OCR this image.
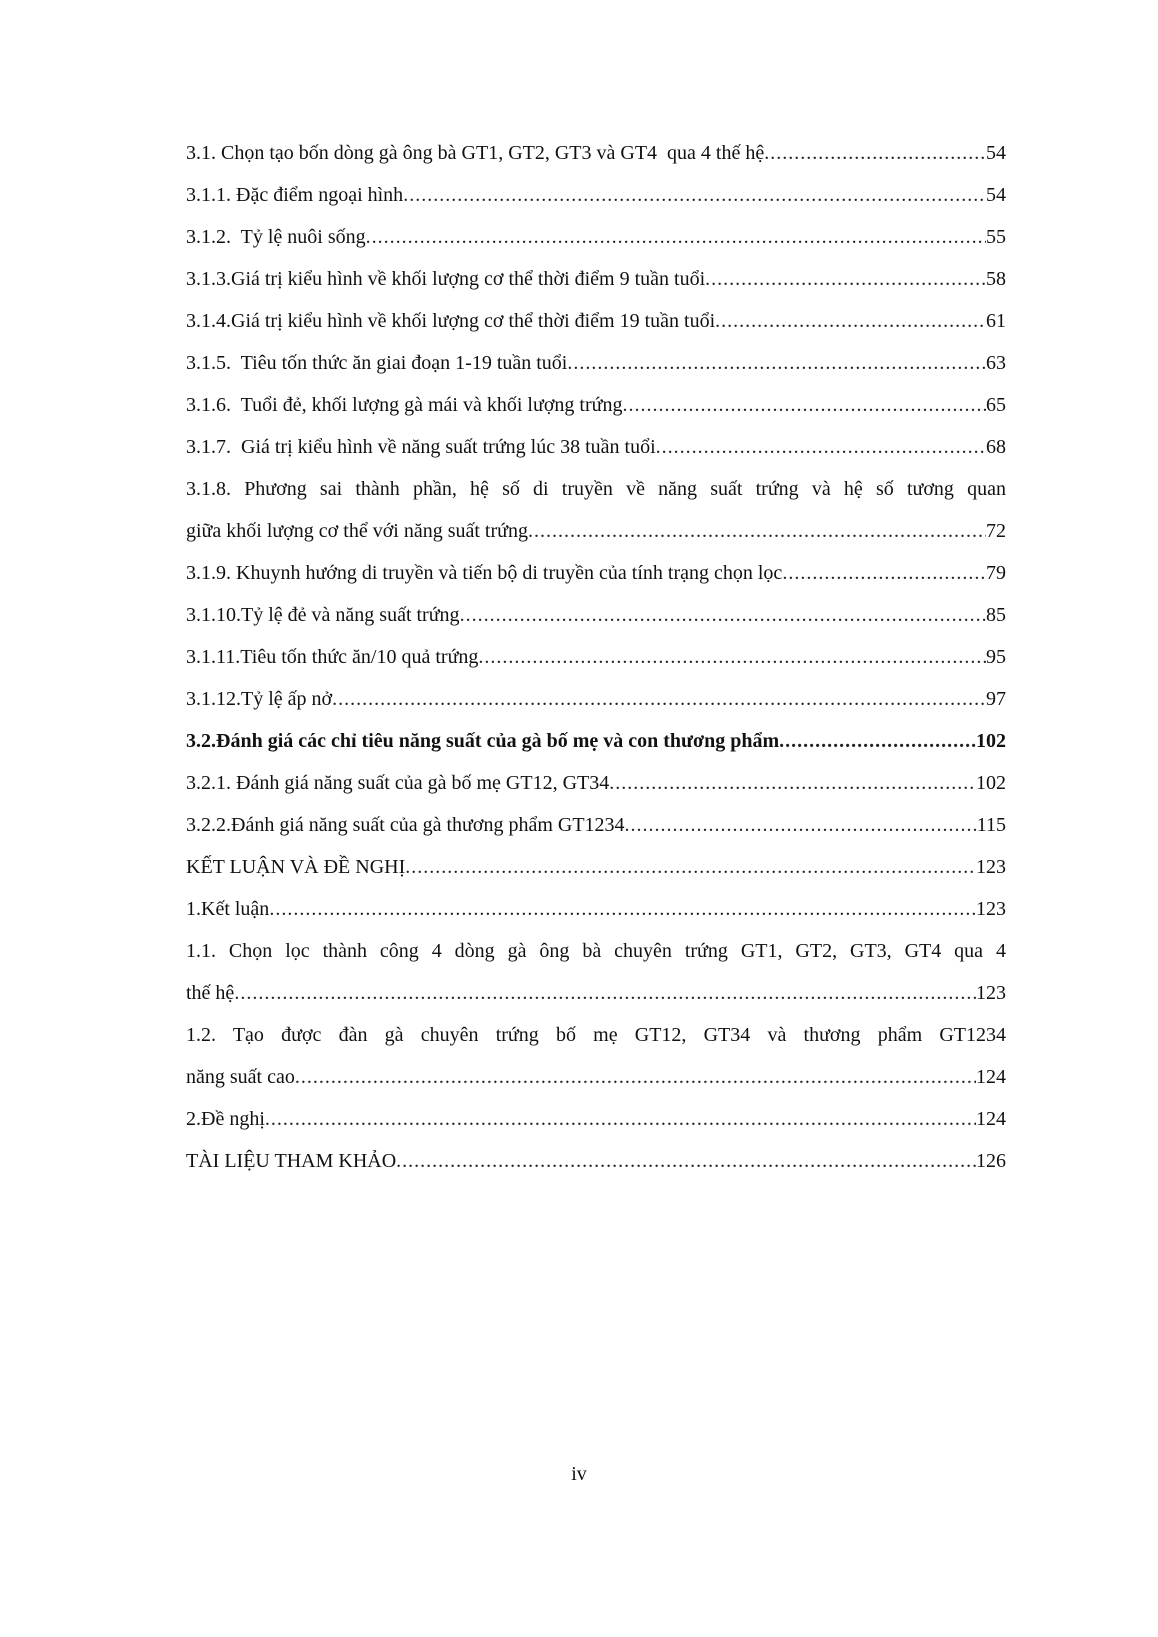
3.1. Chọn tạo bốn dòng gà ông bà GT1, GT2, GT3 và GT4  qua 4 thế hệ .....	54
3.1.1. Đặc điểm ngoại hình .....	54
3.1.2.  Tỷ lệ nuôi sống .....	55
3.1.3.Giá trị kiểu hình về khối lượng cơ thể thời điểm 9 tuần tuổi .....	58
3.1.4.Giá trị kiểu hình về khối lượng cơ thể thời điểm 19 tuần tuổi .....	61
3.1.5.  Tiêu tốn thức ăn giai đoạn 1-19 tuần tuổi .....	63
3.1.6.  Tuổi đẻ, khối lượng gà mái và khối lượng trứng .....	65
3.1.7.  Giá trị kiểu hình về năng suất trứng lúc 38 tuần tuổi .....	68
3.1.8. Phương sai thành phần, hệ số di truyền về năng suất trứng và hệ số tương quan
giữa khối lượng cơ thể với năng suất trứng .....	72
3.1.9. Khuynh hướng di truyền và tiến bộ di truyền của tính trạng chọn lọc .....	79
3.1.10.Tỷ lệ đẻ và năng suất trứng .....	85
3.1.11.Tiêu tốn thức ăn/10 quả trứng .....	95
3.1.12.Tỷ lệ ấp nở .....	97
3.2.Đánh giá các chỉ tiêu năng suất của gà bố mẹ và con thương phẩm .....	102
3.2.1. Đánh giá năng suất của gà bố mẹ GT12, GT34 .....	102
3.2.2.Đánh giá năng suất của gà thương phẩm GT1234 .....	115
KẾT LUẬN VÀ ĐỀ NGHỊ .....	123
1.Kết luận .....	123
1.1. Chọn lọc thành công 4 dòng gà ông bà chuyên trứng GT1, GT2, GT3, GT4 qua 4
thế hệ .....	123
1.2. Tạo được đàn gà chuyên trứng bố mẹ GT12, GT34 và thương phẩm GT1234
năng suất cao .....	124
2.Đề nghị .....	124
TÀI LIỆU THAM KHẢO .....	126
iv
